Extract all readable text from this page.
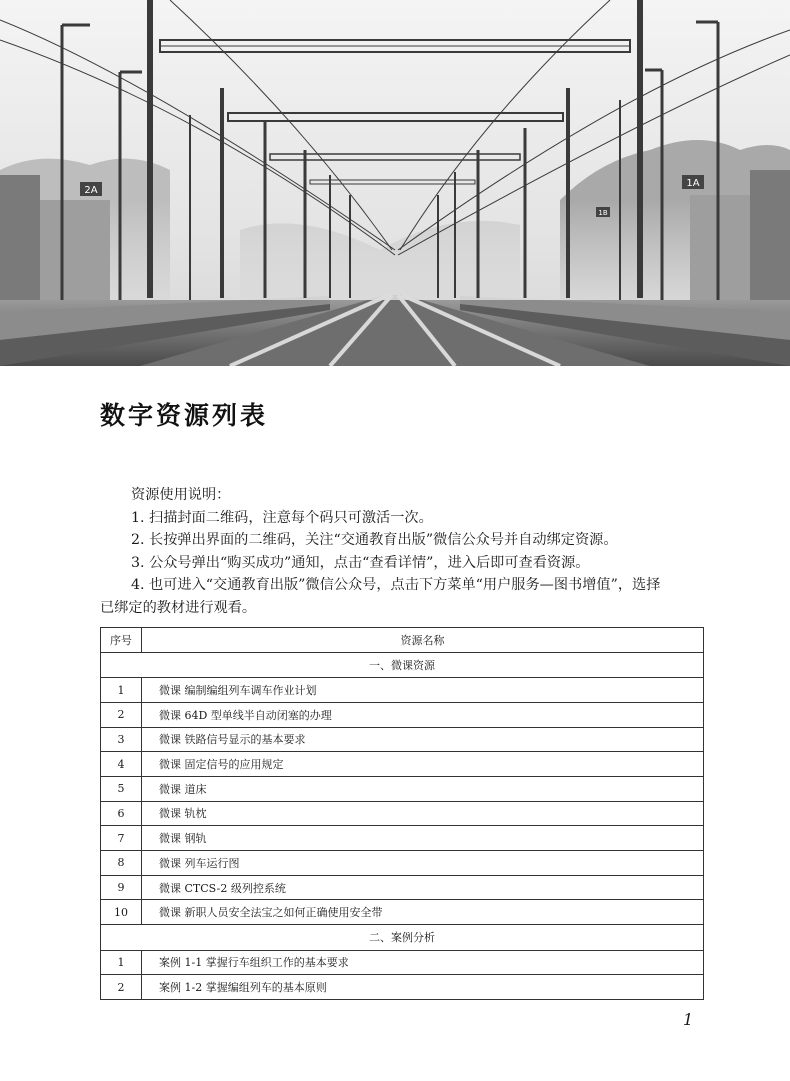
2A
1A
1B
数字资源列表

资源使用说明：

1. 扫描封面二维码，注意每个码只可激活一次。

2. 长按弹出界面的二维码，关注“交通教育出版”微信公众号并自动绑定资源。

3. 公众号弹出“购买成功”通知，点击“查看详情”，进入后即可查看资源。

4. 也可进入“交通教育出版”微信公众号，点击下方菜单“用户服务—图书增值”，选择

已绑定的教材进行观看。

序号	资源名称
一、微课资源	
1	微课 编制编组列车调车作业计划
2	微课 64D 型单线半自动闭塞的办理
3	微课 铁路信号显示的基本要求
4	微课 固定信号的应用规定
5	微课 道床
6	微课 轨枕
7	微课 钢轨
8	微课 列车运行图
9	微课 CTCS-2 级列控系统
10	微课 新职人员安全法宝之如何正确使用安全带
二、案例分析	
1	案例 1-1 掌握行车组织工作的基本要求
2	案例 1-2 掌握编组列车的基本原则
1
